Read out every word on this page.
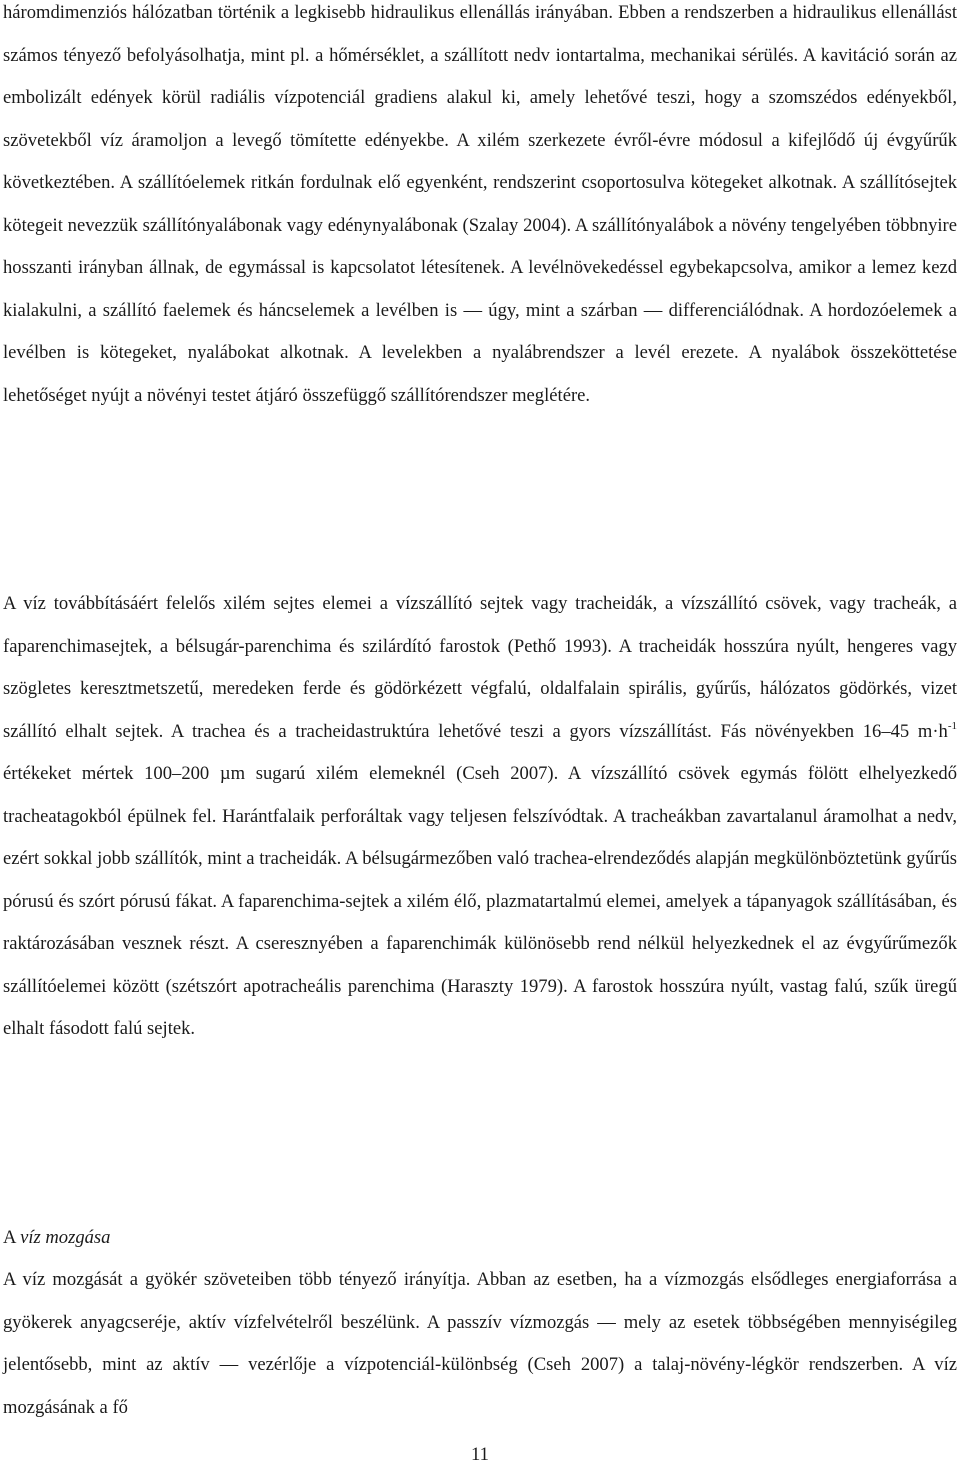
háromdimenziós hálózatban történik a legkisebb hidraulikus ellenállás irányában. Ebben a rendszerben a hidraulikus ellenállást számos tényező befolyásolhatja, mint pl. a hőmérséklet, a szállított nedv iontartalma, mechanikai sérülés. A kavitáció során az embolizált edények körül radiális vízpotenciál gradiens alakul ki, amely lehetővé teszi, hogy a szomszédos edényekből, szövetekből víz áramoljon a levegő tömítette edényekbe. A xilém szerkezete évről-évre módosul a kifejlődő új évgyűrűk következtében. A szállítóelemek ritkán fordulnak elő egyenként, rendszerint csoportosulva kötegeket alkotnak. A szállítósejtek kötegeit nevezzük szállítónyalábonak vagy edénynyalábonak (Szalay 2004). A szállítónyalábok a növény tengelyében többnyire hosszanti irányban állnak, de egymással is kapcsolatot létesítenek. A levélnövekedéssel egybekapcsolva, amikor a lemez kezd kialakulni, a szállító faelemek és háncselemek a levélben is — úgy, mint a szárban — differenciálódnak. A hordozóelemek a levélben is kötegeket, nyalábokat alkotnak. A levelekben a nyalábrendszer a levél erezete. A nyalábok összeköttetése lehetőséget nyújt a növényi testet átjáró összefüggő szállítórendszer meglétére.

A víz továbbításáért felelős xilém sejtes elemei a vízszállító sejtek vagy tracheidák, a vízszállító csövek, vagy tracheák, a faparenchimasejtek, a bélsugár-parenchima és szilárdító farostok (Pethő 1993). A tracheidák hosszúra nyúlt, hengeres vagy szögletes keresztmetszetű, meredeken ferde és gödörkézett végfalú, oldalfalain spirális, gyűrűs, hálózatos gödörkés, vizet szállító elhalt sejtek. A trachea és a tracheidastruktúra lehetővé teszi a gyors vízszállítást. Fás növényekben 16–45 $m\cdot h^{-1}$ értékeket mértek 100–200 µm sugarú xilém elemeknél (Cseh 2007). A vízszállító csövek egymás fölött elhelyezkedő tracheatagokból épülnek fel. Harántfalaik perforáltak vagy teljesen felszívódtak. A tracheákban zavartalanul áramolhat a nedv, ezért sokkal jobb szállítók, mint a tracheidák. A bélsugármezőben való trachea-elrendeződés alapján megkülönböztetünk gyűrűs pórusú és szórt pórusú fákat. A faparenchima-sejtek a xilém élő, plazmatartalmú elemei, amelyek a tápanyagok szállításában, és raktározásában vesznek részt. A cseresznyében a faparenchimák különösebb rend nélkül helyezkednek el az évgyűrűmezők szállítóelemei között (szétszórt apotracheális parenchima (Haraszty 1979). A farostok hosszúra nyúlt, vastag falú, szűk üregű elhalt fásodott falú sejtek.

A víz mozgása

A víz mozgását a gyökér szöveteiben több tényező irányítja. Abban az esetben, ha a vízmozgás elsődleges energiaforrása a gyökerek anyagcseréje, aktív vízfelvételről beszélünk. A passzív vízmozgás — mely az esetek többségében mennyiségileg jelentősebb, mint az aktív — vezérlője a vízpotenciál-különbség (Cseh 2007) a talaj-növény-légkör rendszerben. A víz mozgásának a fő

11
